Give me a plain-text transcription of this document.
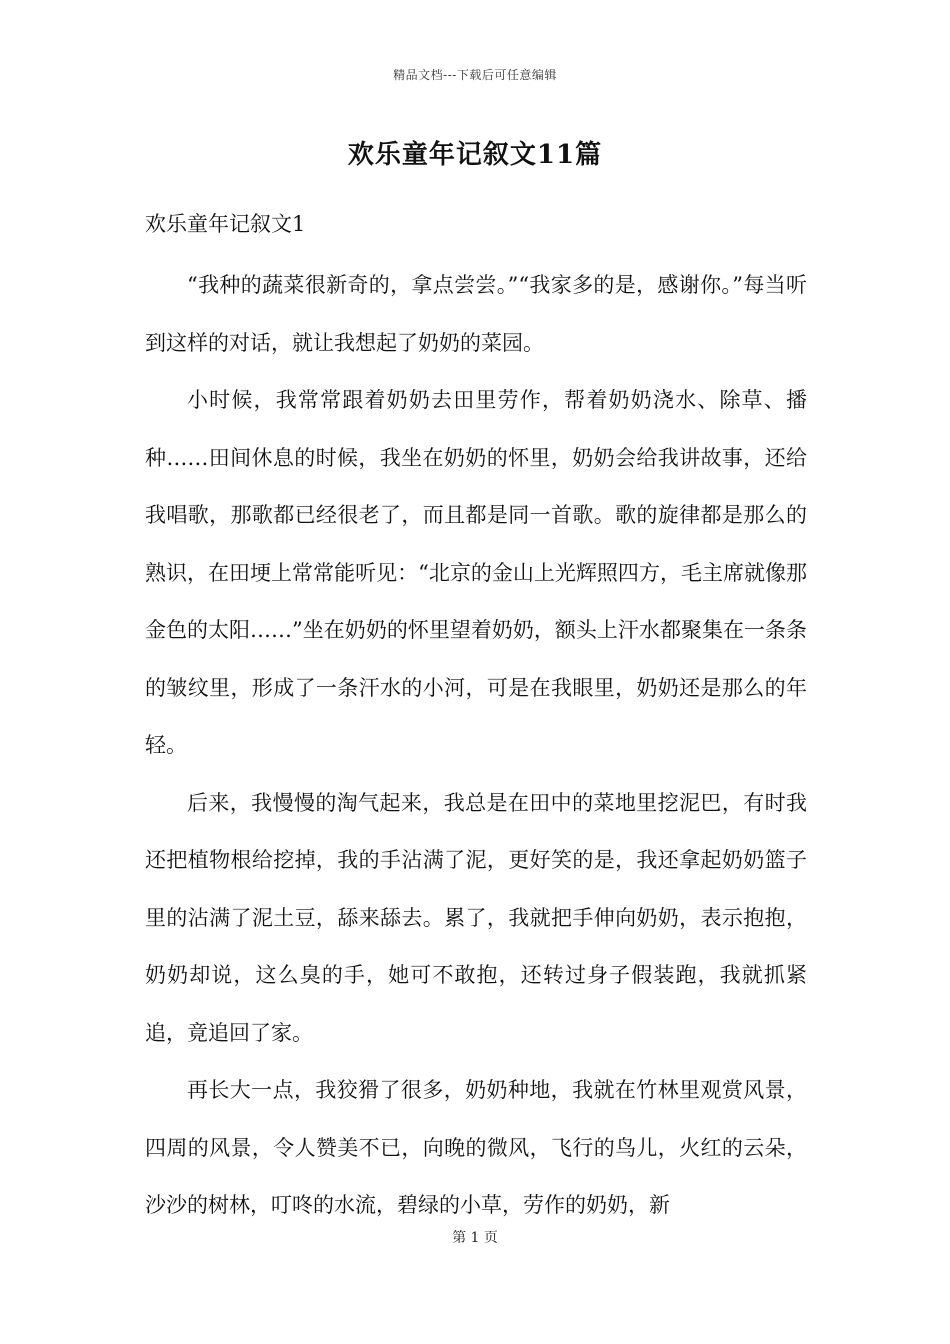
精品文档---下载后可任意编辑
欢乐童年记叙文11篇
欢乐童年记叙文1

“我种的蔬菜很新奇的，拿点尝尝。”“我家多的是，感谢你。”每当听到这样的对话，就让我想起了奶奶的菜园。

小时候，我常常跟着奶奶去田里劳作，帮着奶奶浇水、除草、播种……田间休息的时候，我坐在奶奶的怀里，奶奶会给我讲故事，还给我唱歌，那歌都已经很老了，而且都是同一首歌。歌的旋律都是那么的熟识，在田埂上常常能听见：“北京的金山上光辉照四方，毛主席就像那金色的太阳……”坐在奶奶的怀里望着奶奶，额头上汗水都聚集在一条条的皱纹里，形成了一条汗水的小河，可是在我眼里，奶奶还是那么的年轻。

后来，我慢慢的淘气起来，我总是在田中的菜地里挖泥巴，有时我还把植物根给挖掉，我的手沾满了泥，更好笑的是，我还拿起奶奶篮子里的沾满了泥土豆，舔来舔去。累了，我就把手伸向奶奶，表示抱抱，奶奶却说，这么臭的手，她可不敢抱，还转过身子假装跑，我就抓紧追，竟追回了家。

再长大一点，我狡猾了很多，奶奶种地，我就在竹林里观赏风景，四周的风景，令人赞美不已，向晚的微风，飞行的鸟儿，火红的云朵，沙沙的树林，叮咚的水流，碧绿的小草，劳作的奶奶，新

第 1 页
